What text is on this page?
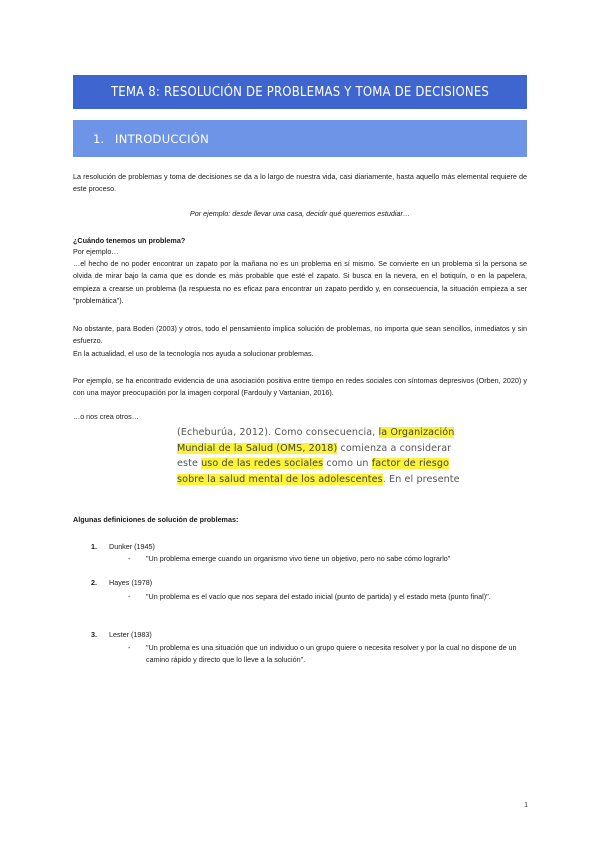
TEMA 8: RESOLUCIÓN DE PROBLEMAS Y TOMA DE DECISIONES
1. INTRODUCCIÓN
La resolución de problemas y toma de decisiones se da a lo largo de nuestra vida, casi diariamente, hasta aquello más elemental requiere de este proceso.
Por ejemplo: desde llevar una casa, decidir qué queremos estudiar…
¿Cuándo tenemos un problema?
Por ejemplo…
…el hecho de no poder encontrar un zapato por la mañana no es un problema en sí mismo. Se convierte en un problema si la persona se olvida de mirar bajo la cama que es donde es más probable que esté el zapato. Si busca en la nevera, en el botiquín, o en la papelera, empieza a crearse un problema (la respuesta no es eficaz para encontrar un zapato perdido y, en consecuencia, la situación empieza a ser "problemática").
No obstante, para Boden (2003) y otros, todo el pensamiento implica solución de problemas, no importa que sean sencillos, inmediatos y sin esfuerzo.
En la actualidad, el uso de la tecnología nos ayuda a solucionar problemas.
Por ejemplo, se ha encontrado evidencia de una asociación positiva entre tiempo en redes sociales con síntomas depresivos (Orben, 2020) y con una mayor preocupación por la imagen corporal (Fardouly y Vartanian, 2016).
…o nos crea otros…
(Echeburúa, 2012). Como consecuencia, la Organización
Mundial de la Salud (OMS, 2018) comienza a considerar
este uso de las redes sociales como un factor de riesgo
sobre la salud mental de los adolescentes. En el presente
Algunas definiciones de solución de problemas:
1. Dunker (1945)
- "Un problema emerge cuando un organismo vivo tiene un objetivo, pero no sabe cómo lograrlo"
2. Hayes (1978)
- "Un problema es el vacío que nos separa del estado inicial (punto de partida) y el estado meta (punto final)".
3. Lester (1983)
- "Un problema es una situación que un individuo o un grupo quiere o necesita resolver y por la cual no dispone de un camino rápido y directo que lo lleve a la solución".
1
